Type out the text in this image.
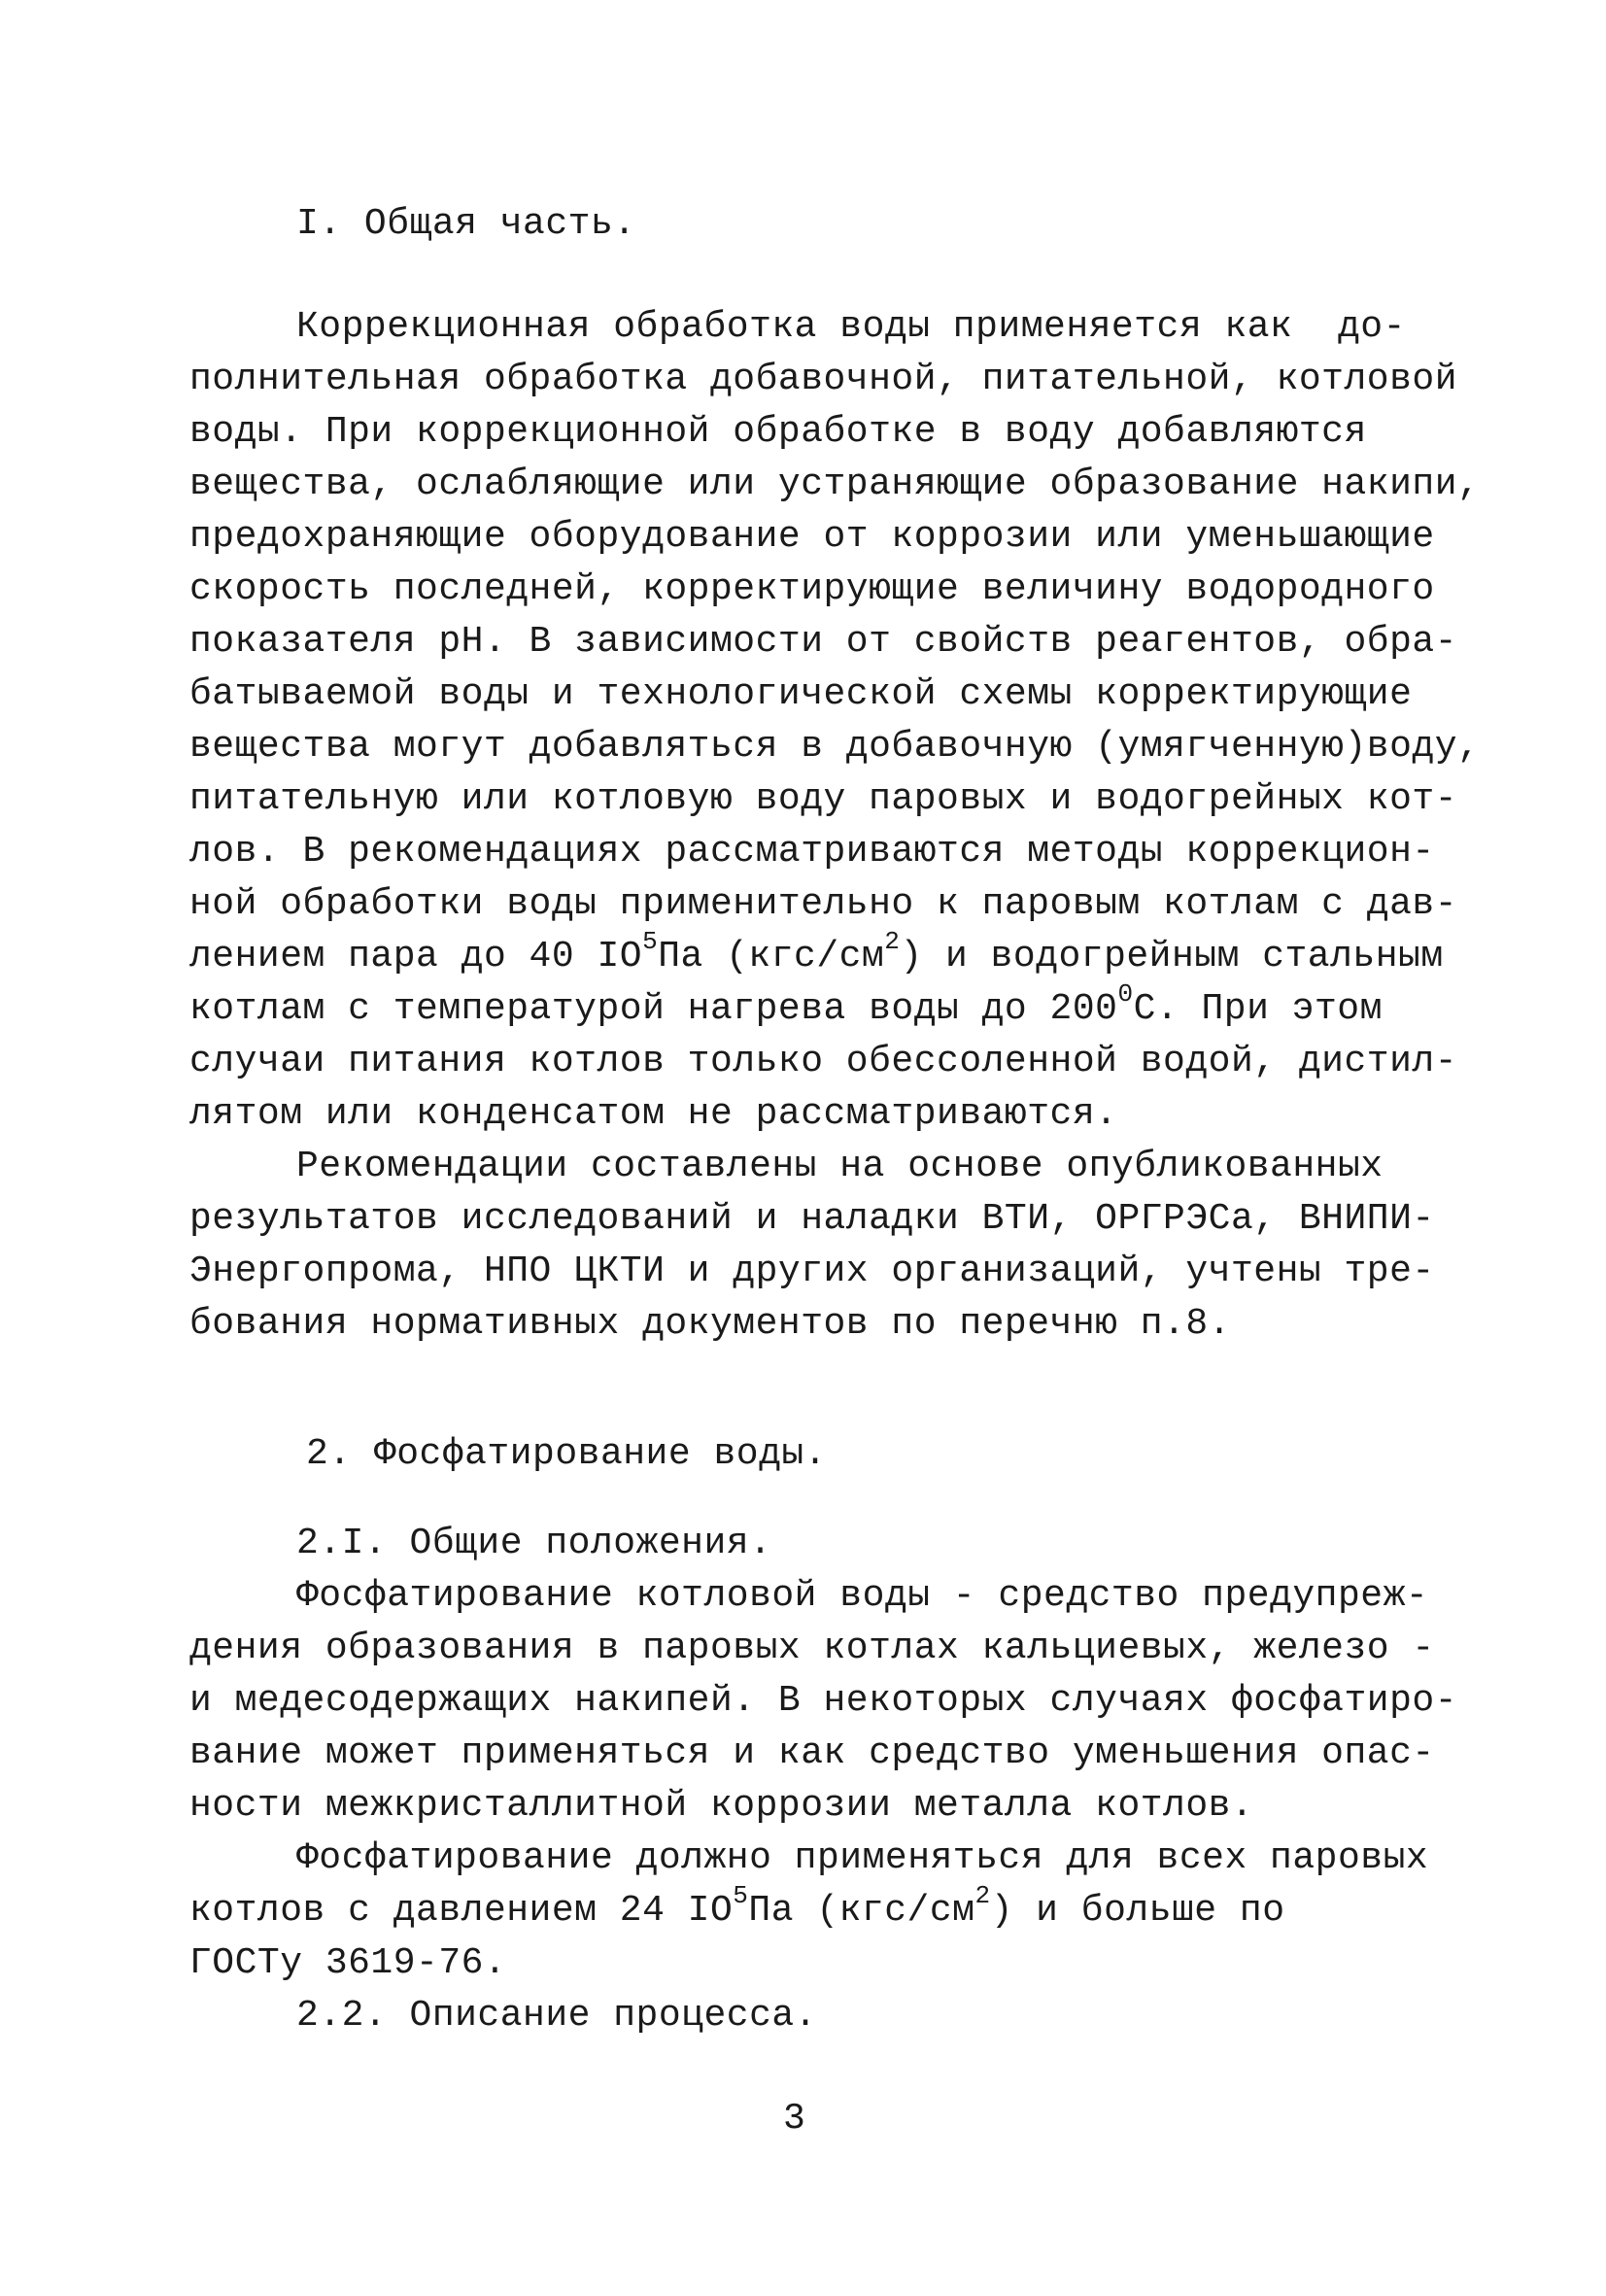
I. Общая часть.
Коррекционная обработка воды применяется как  до-
полнительная обработка добавочной, питательной, котловой
воды. При коррекционной обработке в воду добавляются
вещества, ослабляющие или устраняющие образование накипи,
предохраняющие оборудование от коррозии или уменьшающие
скорость последней, корректирующие величину водородного
показателя pH. В зависимости от свойств реагентов, обра-
батываемой воды и технологической схемы корректирующие
вещества могут добавляться в добавочную (умягченную)воду,
питательную или котловую воду паровых и водогрейных кот-
лов. В рекомендациях рассматриваются методы коррекцион-
ной обработки воды применительно к паровым котлам с дав-
лением пара до 40 $IO^5Па$ $(кгс/см^2)$ и водогрейным стальным
котлам с температурой нагрева воды до $200^0С$. При этом
случаи питания котлов только обессоленной водой, дистил-
лятом или конденсатом не рассматриваются.
Рекомендации составлены на основе опубликованных
результатов исследований и наладки ВТИ, ОРГРЭСа, ВНИПИ-
Энергопрома, НПО ЦКТИ и других организаций, учтены тре-
бования нормативных документов по перечню п.8.
2. Фосфатирование воды.
2.I. Общие положения.
Фосфатирование котловой воды - средство предупреж-
дения образования в паровых котлах кальциевых, железо -
и медесодержащих накипей. В некоторых случаях фосфатиро-
вание может применяться и как средство уменьшения опас-
ности межкристаллитной коррозии металла котлов.
Фосфатирование должно применяться для всех паровых
котлов с давлением 24 $IO^5Па$ $(кгс/см^2)$ и больше по
ГОСТу 3619-76.
2.2. Описание процесса.
3
